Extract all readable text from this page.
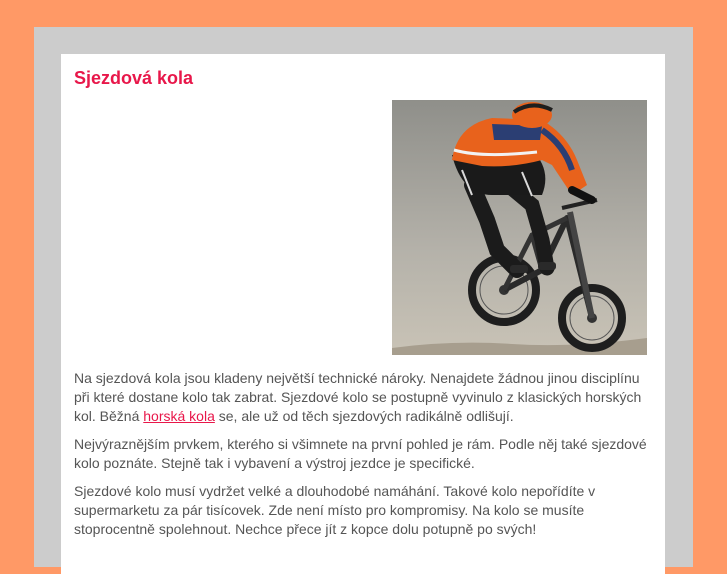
Sjezdová kola

Na sjezdová kola jsou kladeny největší technické nároky. Nenajdete žádnou jinou disciplínu při které dostane kolo tak zabrat. Sjezdové kolo se postupně vyvinulo z klasických horských kol. Běžná horská kola se, ale už od těch sjezdových radikálně odlišují.

Nejvýraznějším prvkem, kterého si všimnete na první pohled je rám. Podle něj také sjezdové kolo poznáte. Stejně tak i vybavení a výstroj jezdce je specifické.

Sjezdové kolo musí vydržet velké a dlouhodobé namáhání. Takové kolo nepořídíte v supermarketu za pár tisícovek. Zde není místo pro kompromisy. Na kolo se musíte stoprocentně spolehnout. Nechce přece jít z kopce dolu potupně po svých!
